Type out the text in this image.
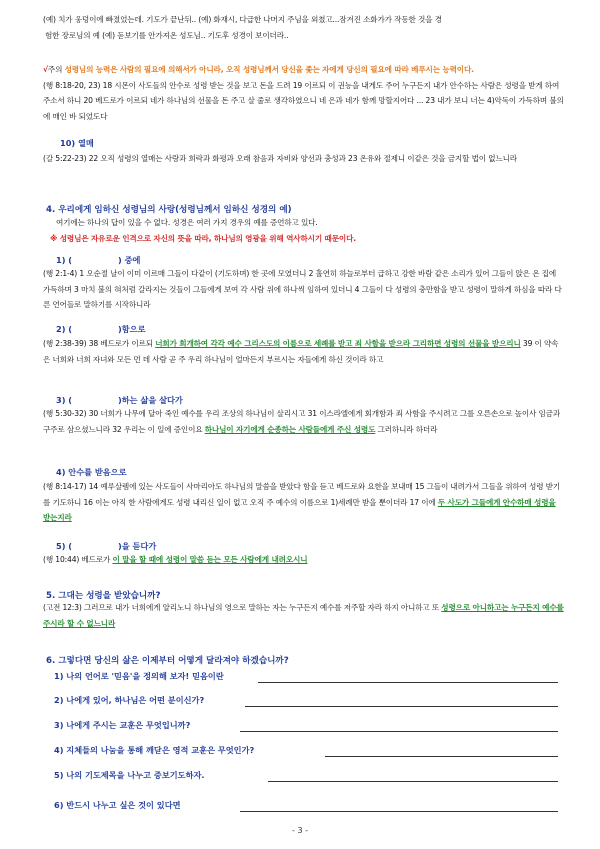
(예) 치가 웅덩이에 빠졌었는데. 기도가 끝난뒤.. (예) 화재시, 다급한 나머지 주님을 외쳤고...잠겨진 소화가가 작동한 것을 경
험한 장로님의 예 (예) 돋보기를 안가져온 성도님.. 기도후 성경이 보이더라..
√주의 성령님의 능력은 사람의 필요에 의해서가 아니라, 오직 성령님께서 당신을 좇는 자에게 당신의 필요에 따라 베푸시는 능력이다.
(행 8:18-20, 23) 18 시몬이 사도들의 안수로 성령 받는 것을 보고 돈을 드려 19 이르되 이 권능을 내게도 주어 누구든지 내가 안수하는 사람은 성령을 받게 하여 주소서 하니 20 베드로가 이르되 네가 하나님의 선물을 돈 주고 살 줄로 생각하였으니 네 은과 네가 함께 망할지어다 ... 23 내가 보니 너는 4)악독이 가득하며 불의에 매인 바 되었도다
10) 열매
(갈 5:22-23) 22 오직 성령의 열매는 사랑과 희락과 화평과 오래 참음과 자비와 양선과 충성과 23 온유와 절제니 이같은 것을 금지할 법이 없느니라
4. 우리에게 임하신 성령님의 사랑(성령님께서 임하신 성경의 예)
여기에는 하나의 답이 있을 수 없다. 성경은 여러 가지 경우의 예를 증언하고 있다.
※ 성령님은 자유로운 인격으로 자신의 뜻을 따라, 하나님의 영광을 위해 역사하시기 때문이다.
1) (	) 중에
(행 2:1-4) 1 오순절 날이 이미 이르매 그들이 다같이 (기도하며) 한 곳에 모였더니 2 홀연히 하늘로부터 급하고 강한 바람 같은 소리가 있어 그들이 앉은 온 집에 가득하며 3 마치 불의 혀처럼 갈라지는 것들이 그들에게 보여 각 사람 위에 하나씩 임하여 있더니 4 그들이 다 성령의 충만함을 받고 성령이 말하게 하심을 따라 다른 언어들로 말하기를 시작하니라
2) (	)함으로
(행 2:38-39) 38 베드로가 이르되 너희가 회개하여 각각 예수 그리스도의 이름으로 세례를 받고 죄 사함을 받으라 그리하면 성령의 선물을 받으리니 39 이 약속은 너희와 너희 자녀와 모든 먼 데 사람 곧 주 우리 하나님이 얼마든지 부르시는 자들에게 하신 것이라 하고
3) (	)하는 삶을 살다가
(행 5:30-32) 30 너희가 나무에 달아 죽인 예수를 우리 조상의 하나님이 살리시고 31 이스라엘에게 회개함과 죄 사함을 주시려고 그를 오른손으로 높이사 임금과 구주로 삼으셨느니라 32 우리는 이 일에 증인이요 하나님이 자기에게 순종하는 사람들에게 주신 성령도 그러하니라 하더라
4) 안수를 받음으로
(행 8:14-17) 14 예루살렘에 있는 사도들이 사마리아도 하나님의 말씀을 받았다 함을 듣고 베드로와 요한을 보내매 15 그들이 내려가서 그들을 위하여 성령 받기를 기도하니 16 이는 아직 한 사람에게도 성령 내리신 일이 없고 오직 주 예수의 이름으로 1)세례만 받을 뿐이더라 17 이에 두 사도가 그들에게 안수하매 성령을 받는지라
5) (	)을 듣다가
(행 10:44) 베드로가 이 말을 할 때에 성령이 말씀 듣는 모든 사람에게 내려오시니
5. 그대는 성령을 받았습니까?
(고전 12:3) 그러므로 내가 너희에게 알리노니 하나님의 영으로 말하는 자는 누구든지 예수를 저주할 자라 하지 아니하고 또 성령으로 아니하고는 누구든지 예수를 주시라 할 수 없느니라
6. 그렇다면 당신의 삶은 이제부터 어떻게 달라져야 하겠습니까?
1) 나의 언어로 '믿음'을 정의해 보자! 믿음이란
2) 나에게 있어, 하나님은 어떤 분이신가?
3) 나에게 주시는 교훈은 무엇입니까?
4) 지체들의 나눔을 통해 깨닫은 영적 교훈은 무엇인가?
5) 나의 기도제목을 나누고 중보기도하자.
6) 반드시 나누고 싶은 것이 있다면
- 3 -
